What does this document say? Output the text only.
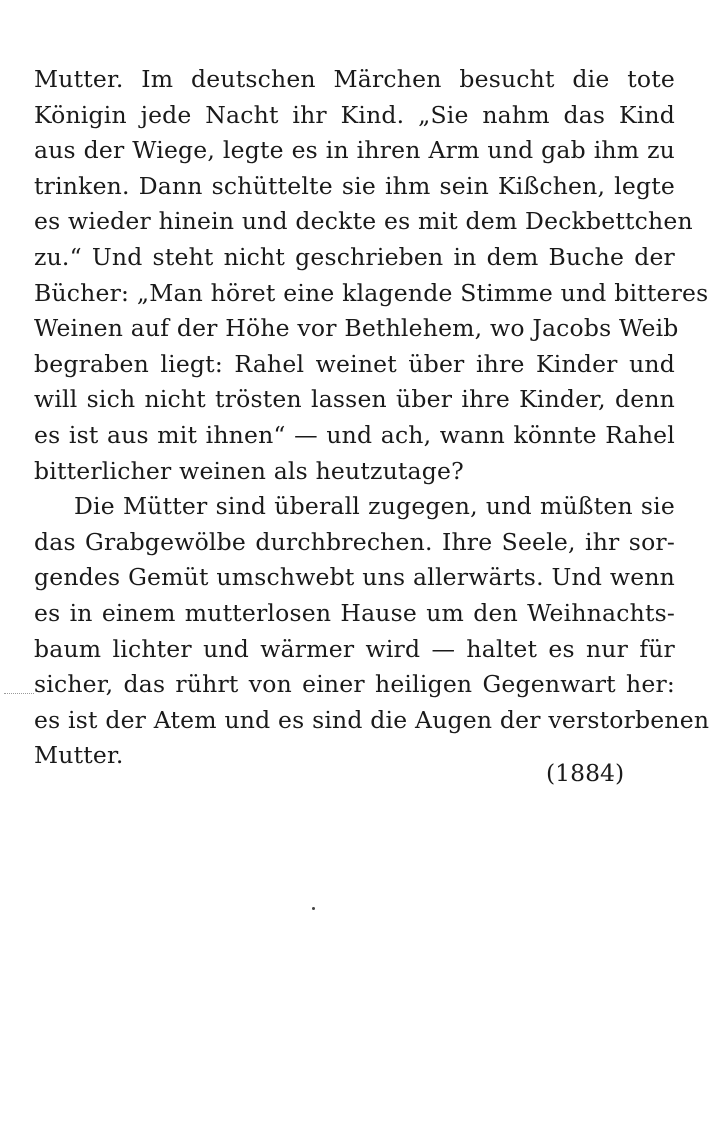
Mutter. Im deutschen Märchen besucht die tote
Königin jede Nacht ihr Kind. „Sie nahm das Kind
aus der Wiege, legte es in ihren Arm und gab ihm zu
trinken. Dann schüttelte sie ihm sein Kißchen, legte
es wieder hinein und deckte es mit dem Deckbettchen
zu.“ Und steht nicht geschrieben in dem Buche der
Bücher: „Man höret eine klagende Stimme und bitteres
Weinen auf der Höhe vor Bethlehem, wo Jacobs Weib
begraben liegt: Rahel weinet über ihre Kinder und
will sich nicht trösten lassen über ihre Kinder, denn
es ist aus mit ihnen“ — und ach, wann könnte Rahel
bitterlicher weinen als heutzutage?
Die Mütter sind überall zugegen, und müßten sie
das Grabgewölbe durchbrechen. Ihre Seele, ihr sor-
gendes Gemüt umschwebt uns allerwärts. Und wenn
es in einem mutterlosen Hause um den Weihnachts-
baum lichter und wärmer wird — haltet es nur für
sicher, das rührt von einer heiligen Gegenwart her:
es ist der Atem und es sind die Augen der verstorbenen
Mutter.
(1884)
